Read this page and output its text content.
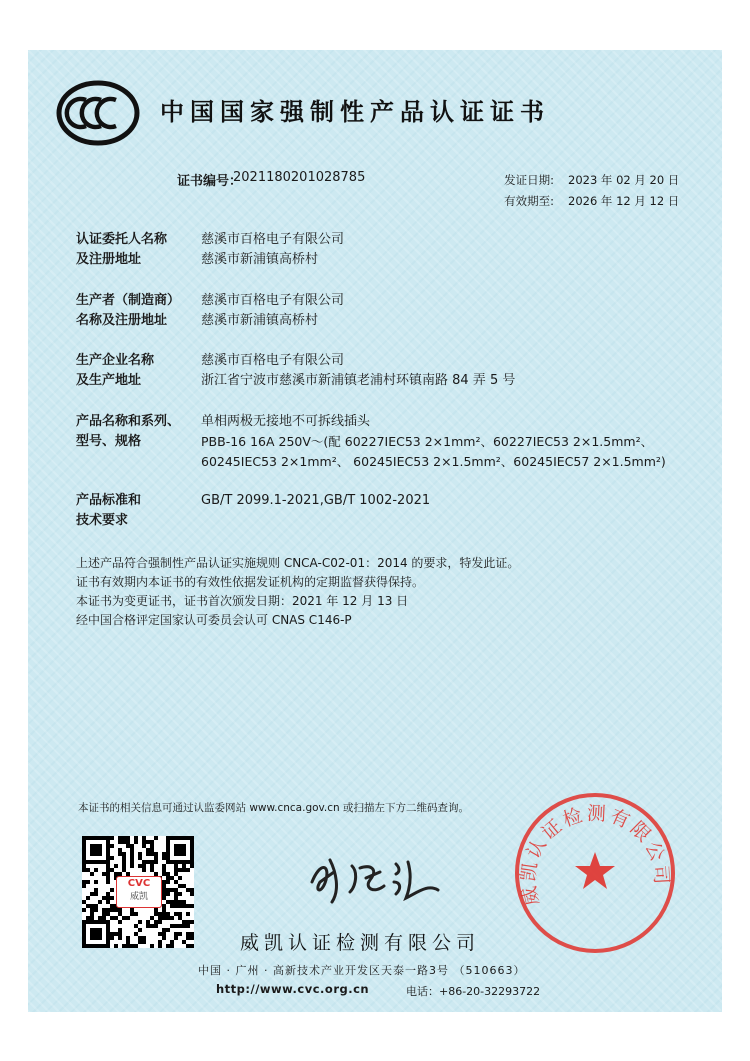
中国国家强制性产品认证证书
证书编号：
2021180201028785	发证日期: 2023 年 02 月 20 日
有效期至: 2026 年 12 月 12 日
认证委托人名称
及注册地址
慈溪市百格电子有限公司
慈溪市新浦镇高桥村
生产者（制造商）
名称及注册地址
慈溪市百格电子有限公司
慈溪市新浦镇高桥村
生产企业名称
及生产地址
慈溪市百格电子有限公司
浙江省宁波市慈溪市新浦镇老浦村环镇南路 84 弄 5 号
产品名称和系列、
型号、规格
单相两极无接地不可拆线插头
PBB-16 16A 250V～(配 60227IEC53 2×1mm²、60227IEC53 2×1.5mm²、
60245IEC53 2×1mm²、 60245IEC53 2×1.5mm²、60245IEC57 2×1.5mm²)
产品标准和
技术要求
GB/T 2099.1-2021,GB/T 1002-2021
上述产品符合强制性产品认证实施规则 CNCA-C02-01：2014 的要求，特发此证。
证书有效期内本证书的有效性依据发证机构的定期监督获得保持。
本证书为变更证书，证书首次颁发日期：2021 年 12 月 13 日
经中国合格评定国家认可委员会认可 CNAS C146-P
本证书的相关信息可通过认监委网站 www.cnca.gov.cn 或扫描左下方二维码查询。
CVC
威凯
威凯认证检测有限公司
中国 · 广州 · 高新技术产业开发区天泰一路3号 （510663）
http://www.cvc.org.cn	电话：+86-20-32293722
威凯认证检测有限公司
